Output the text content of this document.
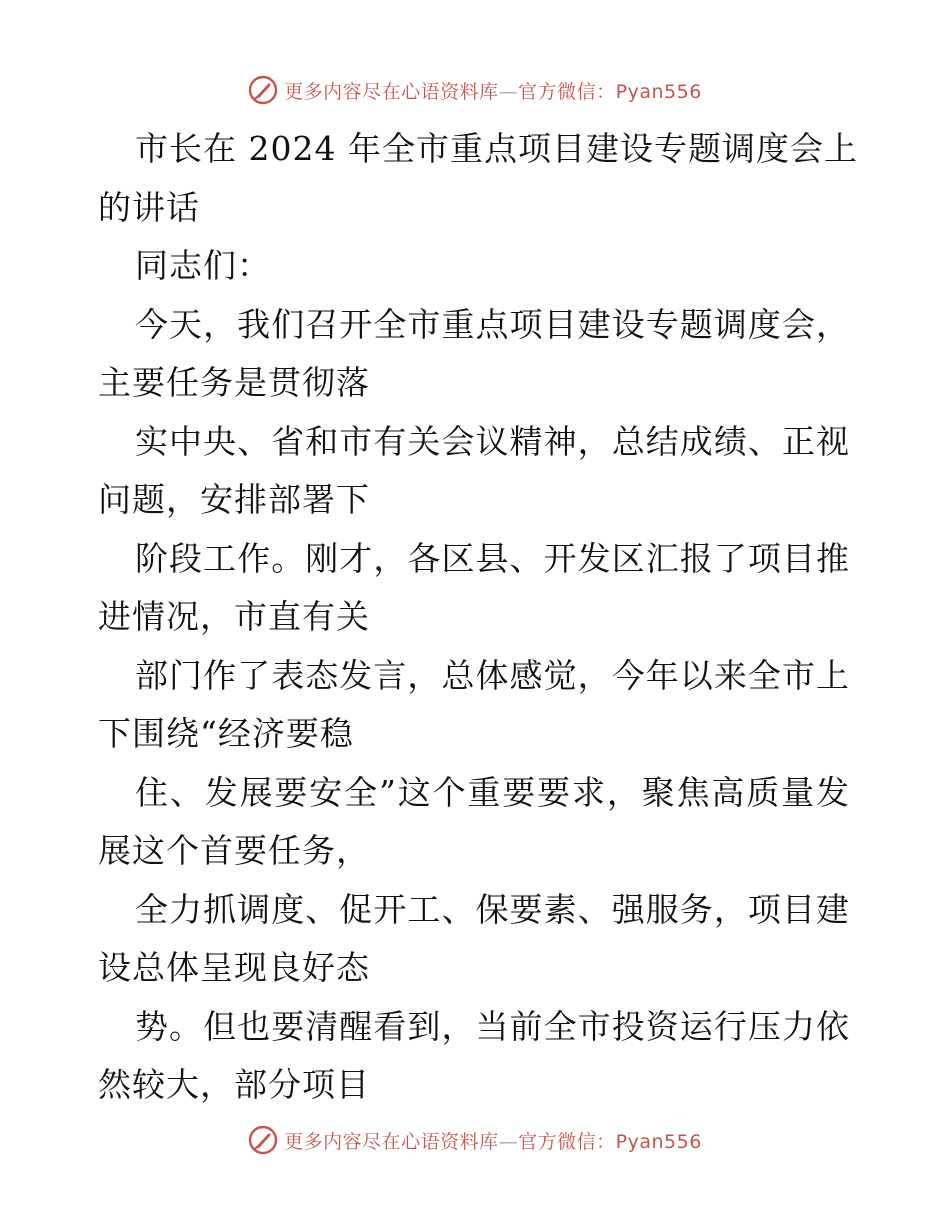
更多内容尽在心语资料库—官方微信：Pyan556
市长在 2024 年全市重点项目建设专题调度会上
的讲话
同志们：
今天，我们召开全市重点项目建设专题调度会，
主要任务是贯彻落
实中央、省和市有关会议精神，总结成绩、正视
问题，安排部署下
阶段工作。刚才，各区县、开发区汇报了项目推
进情况，市直有关
部门作了表态发言，总体感觉，今年以来全市上
下围绕“经济要稳
住、发展要安全”这个重要要求，聚焦高质量发
展这个首要任务，
全力抓调度、促开工、保要素、强服务，项目建
设总体呈现良好态
势。但也要清醒看到，当前全市投资运行压力依
然较大，部分项目
更多内容尽在心语资料库—官方微信：Pyan556
